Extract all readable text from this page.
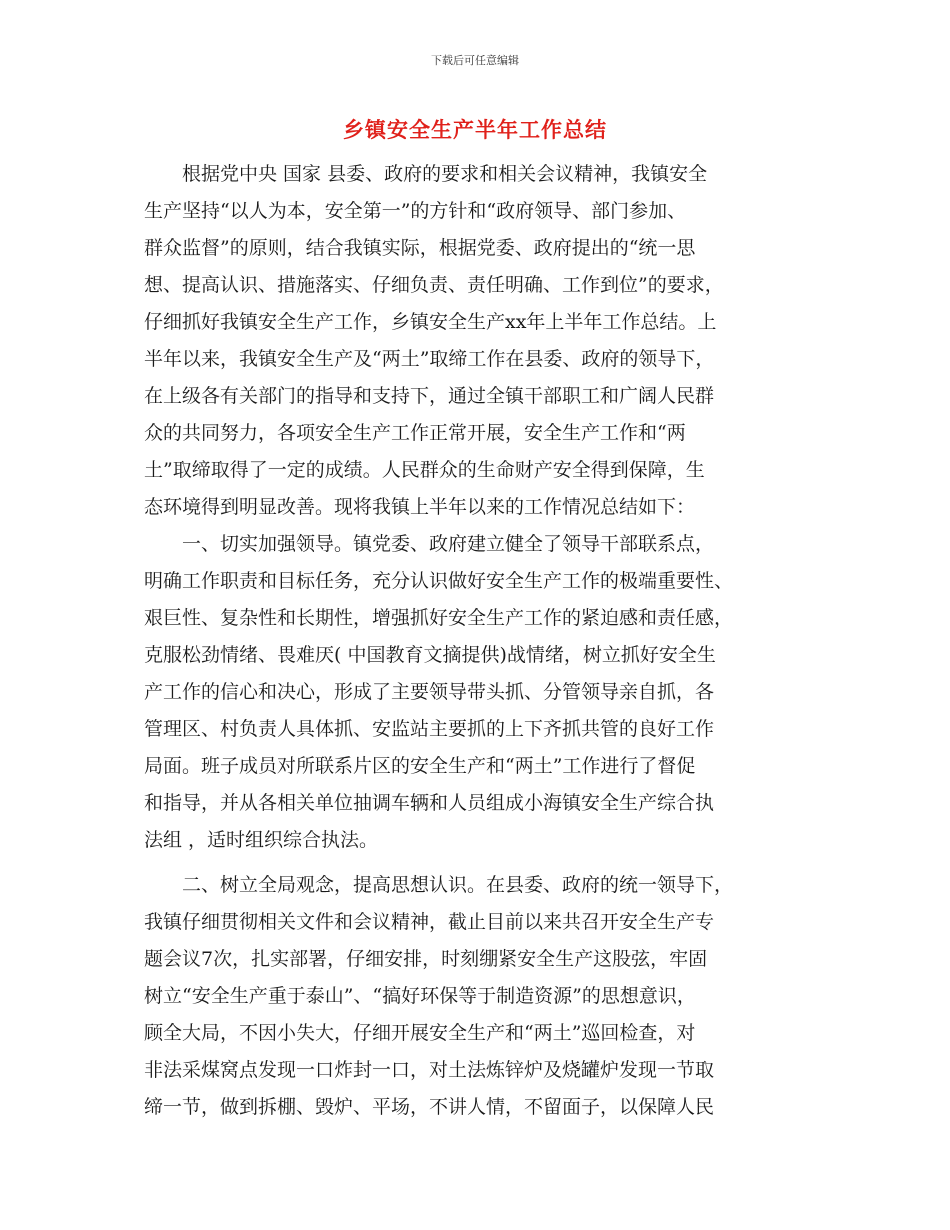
下载后可任意编辑
乡镇安全生产半年工作总结
　　根据党中央 国家 县委、政府的要求和相关会议精神，我镇安全
生产坚持“以人为本，安全第一”的方针和“政府领导、部门参加、
群众监督”的原则，结合我镇实际，根据党委、政府提出的“统一思
想、提高认识、措施落实、仔细负责、责任明确、工作到位”的要求，
仔细抓好我镇安全生产工作，乡镇安全生产xx年上半年工作总结。上
半年以来，我镇安全生产及“两土”取缔工作在县委、政府的领导下，
在上级各有关部门的指导和支持下，通过全镇干部职工和广阔人民群
众的共同努力，各项安全生产工作正常开展，安全生产工作和“两
土”取缔取得了一定的成绩。人民群众的生命财产安全得到保障，生
态环境得到明显改善。现将我镇上半年以来的工作情况总结如下：
　　一、切实加强领导。镇党委、政府建立健全了领导干部联系点，
明确工作职责和目标任务，充分认识做好安全生产工作的极端重要性、
艰巨性、复杂性和长期性，增强抓好安全生产工作的紧迫感和责任感，
克服松劲情绪、畏难厌( 中国教育文摘提供)战情绪，树立抓好安全生
产工作的信心和决心，形成了主要领导带头抓、分管领导亲自抓，各
管理区、村负责人具体抓、安监站主要抓的上下齐抓共管的良好工作
局面。班子成员对所联系片区的安全生产和“两土”工作进行了督促
和指导，并从各相关单位抽调车辆和人员组成小海镇安全生产综合执
法组 ，适时组织综合执法。
　　二、树立全局观念，提高思想认识。在县委、政府的统一领导下，
我镇仔细贯彻相关文件和会议精神，截止目前以来共召开安全生产专
题会议7次，扎实部署，仔细安排，时刻绷紧安全生产这股弦，牢固
树立“安全生产重于泰山”、“搞好环保等于制造资源”的思想意识，
顾全大局，不因小失大，仔细开展安全生产和“两土”巡回检查，对
非法采煤窝点发现一口炸封一口，对土法炼锌炉及烧罐炉发现一节取
缔一节，做到拆棚、毁炉、平场，不讲人情，不留面子，以保障人民
